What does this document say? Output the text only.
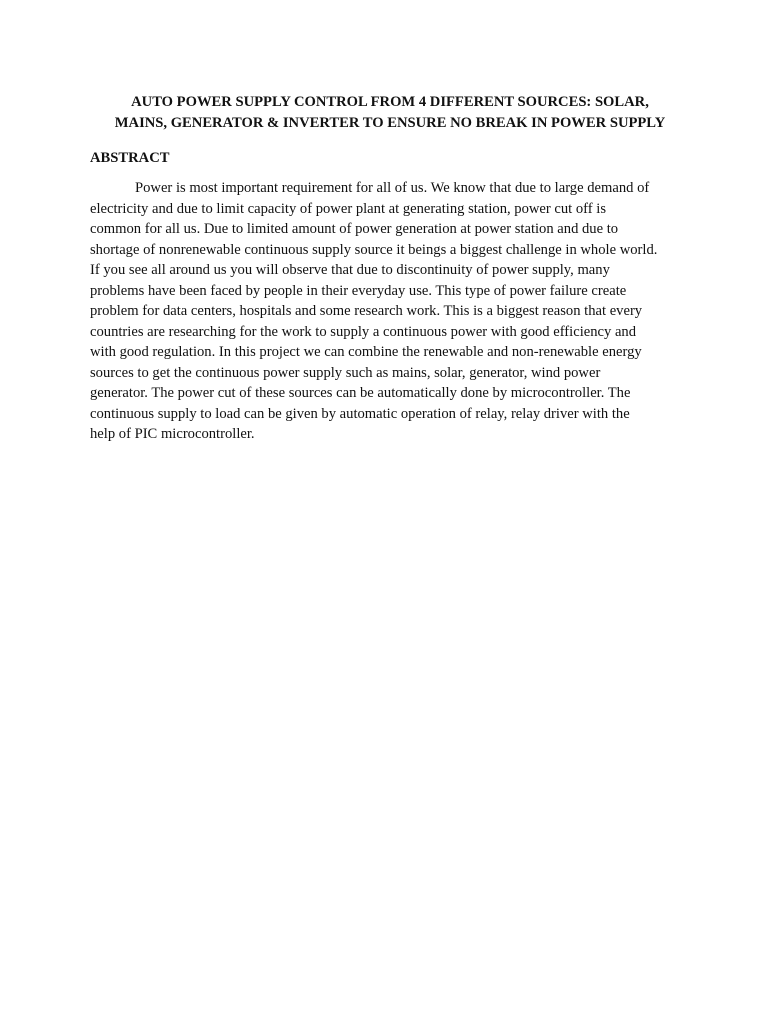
AUTO POWER SUPPLY CONTROL FROM 4 DIFFERENT SOURCES: SOLAR,
MAINS, GENERATOR & INVERTER TO ENSURE NO BREAK IN POWER SUPPLY
ABSTRACT

Power is most important requirement for all of us. We know that due to large demand of
electricity and due to limit capacity of power plant at generating station, power cut off is
common for all us. Due to limited amount of power generation at power station and due to
shortage of nonrenewable continuous supply source it beings a biggest challenge in whole world.
If you see all around us you will observe that due to discontinuity of power supply, many
problems have been faced by people in their everyday use. This type of power failure create
problem for data centers, hospitals and some research work. This is a biggest reason that every
countries are researching for the work to supply a continuous power with good efficiency and
with good regulation. In this project we can combine the renewable and non-renewable energy
sources to get the continuous power supply such as mains, solar, generator, wind power
generator. The power cut of these sources can be automatically done by microcontroller. The
continuous supply to load can be given by automatic operation of relay, relay driver with the
help of PIC microcontroller.
